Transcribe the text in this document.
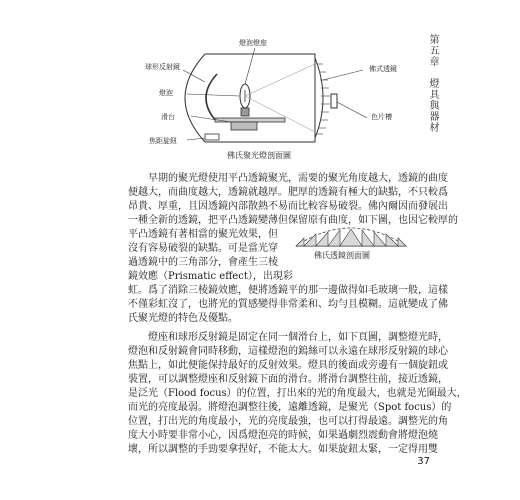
燈泡燈座
球形反射鏡
燈泡
滑台
焦距旋鈕
佛式透鏡
色片槽
佛氏聚光燈剖面圖
第五章　燈具與器材
早期的聚光燈使用平凸透鏡聚光，需要的聚光角度越大，透鏡的曲度
便越大，而曲度越大，透鏡就越厚。肥厚的透鏡有極大的缺點，不只較爲
昂貴、厚重，且因透鏡內部散熱不易而比較容易破裂。佛內爾因而發展出
一種全新的透鏡，把平凸透鏡變薄但保留原有曲度，如下圖，也因它較厚的
平凸透鏡有著相當的聚光效果，但
沒有容易破裂的缺點。可是當光穿
過透鏡中的三角部分，會產生三棱
鏡效應（Prismatic effect），出現彩
虹。爲了消除三棱鏡效應，便將透鏡平的那一邊做得如毛玻璃一般，這樣
不僅彩虹沒了，也將光的質感變得非常柔和、均勻且模糊。這就變成了佛
氏聚光燈的特色及優點。
佛氏透鏡剖面圖
燈座和球形反射鏡是固定在同一個滑台上，如下頁圖，調整燈光時，
燈泡和反射鏡會同時移動，這樣燈泡的鎢絲可以永遠在球形反射鏡的球心
焦點上，如此便能保持最好的反射效果。燈具的後面或旁邊有一個旋鈕或
裝置，可以調整燈座和反射鏡下面的滑台。將滑台調整往前，接近透鏡，
是泛光（Flood focus）的位置，打出來的光的角度最大，也就是光圈最大，
而光的亮度最弱。將燈泡調整往後，遠離透鏡，是聚光（Spot focus）的
位置，打出光的角度最小，光的亮度最強，也可以打得最遠。調整光的角
度大小時要非常小心，因爲燈泡亮的時候，如果過劇烈震動會將燈泡燒
壞，所以調整的手勁要拿捏好，不能太大。如果旋鈕太緊，一定得用雙
37
